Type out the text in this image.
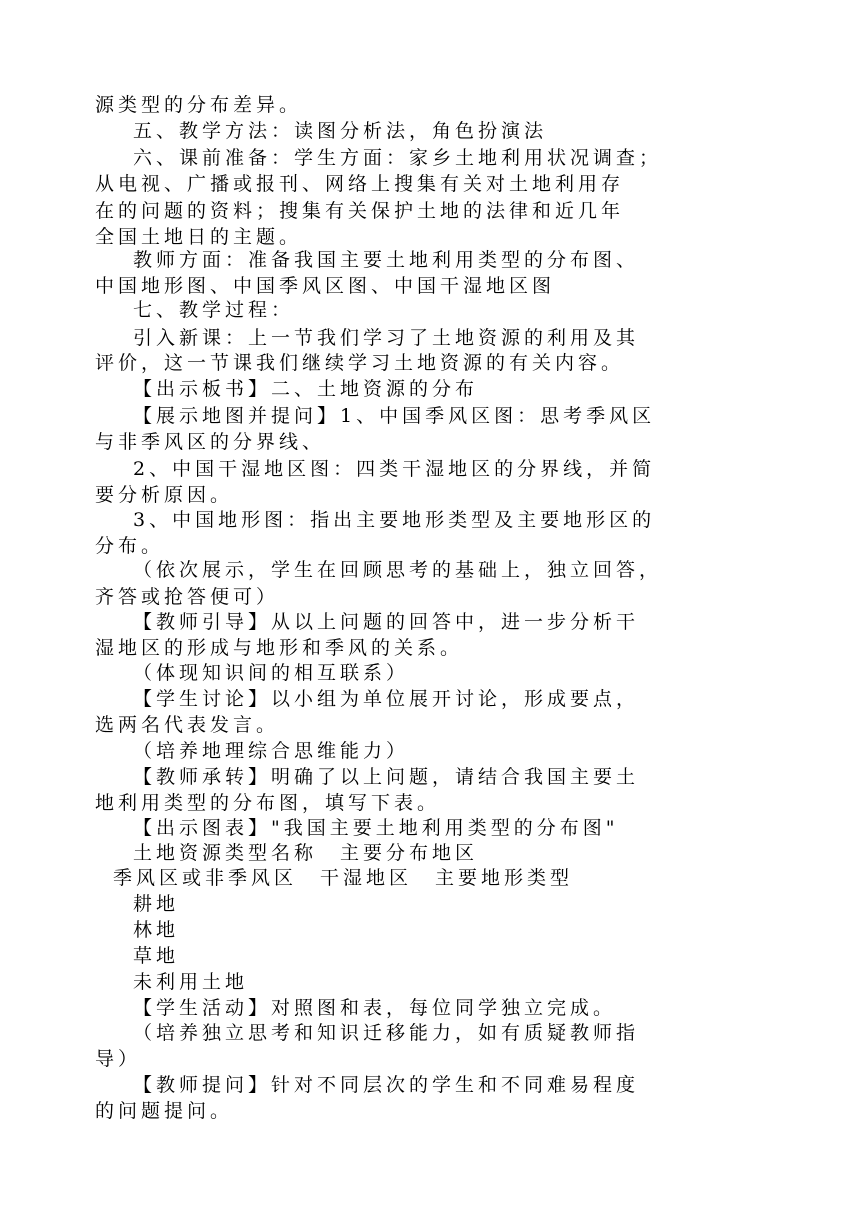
源类型的分布差异。
五、教学方法：读图分析法，角色扮演法
六、课前准备：学生方面：家乡土地利用状况调查；
从电视、广播或报刊、网络上搜集有关对土地利用存
在的问题的资料；搜集有关保护土地的法律和近几年
全国土地日的主题。
教师方面：准备我国主要土地利用类型的分布图、
中国地形图、中国季风区图、中国干湿地区图
七、教学过程：
引入新课：上一节我们学习了土地资源的利用及其
评价，这一节课我们继续学习土地资源的有关内容。
【出示板书】二、土地资源的分布
【展示地图并提问】1、中国季风区图：思考季风区
与非季风区的分界线、
2、中国干湿地区图：四类干湿地区的分界线，并简
要分析原因。
3、中国地形图：指出主要地形类型及主要地形区的
分布。
（依次展示，学生在回顾思考的基础上，独立回答，
齐答或抢答便可）
【教师引导】从以上问题的回答中，进一步分析干
湿地区的形成与地形和季风的关系。
（体现知识间的相互联系）
【学生讨论】以小组为单位展开讨论，形成要点，
选两名代表发言。
（培养地理综合思维能力）
【教师承转】明确了以上问题，请结合我国主要土
地利用类型的分布图，填写下表。
【出示图表】"我国主要土地利用类型的分布图"
土地资源类型名称　主要分布地区
季风区或非季风区　干湿地区　主要地形类型
耕地
林地
草地
未利用土地
【学生活动】对照图和表，每位同学独立完成。
（培养独立思考和知识迁移能力，如有质疑教师指
导）
【教师提问】针对不同层次的学生和不同难易程度
的问题提问。
